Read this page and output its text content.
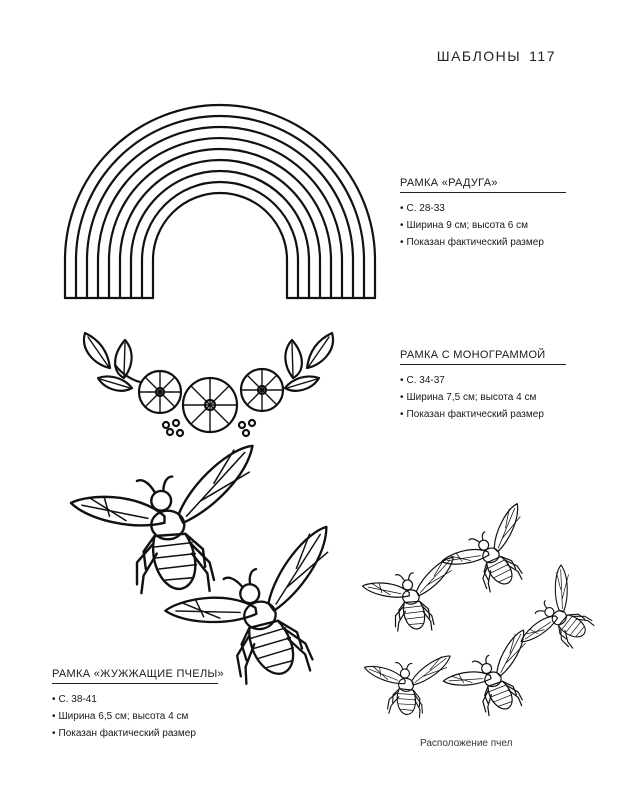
ШАБЛОНЫ 117
РАМКА «РАДУГА»
• С. 28-33
• Ширина 9 см; высота 6 см
• Показан фактический размер
РАМКА С МОНОГРАММОЙ
• С. 34-37
• Ширина 7,5 см; высота 4 см
• Показан фактический размер
РАМКА «ЖУЖЖАЩИЕ ПЧЕЛЫ»
• С. 38-41
• Ширина 6,5 см; высота 4 см
• Показан фактический размер
Расположение пчел
